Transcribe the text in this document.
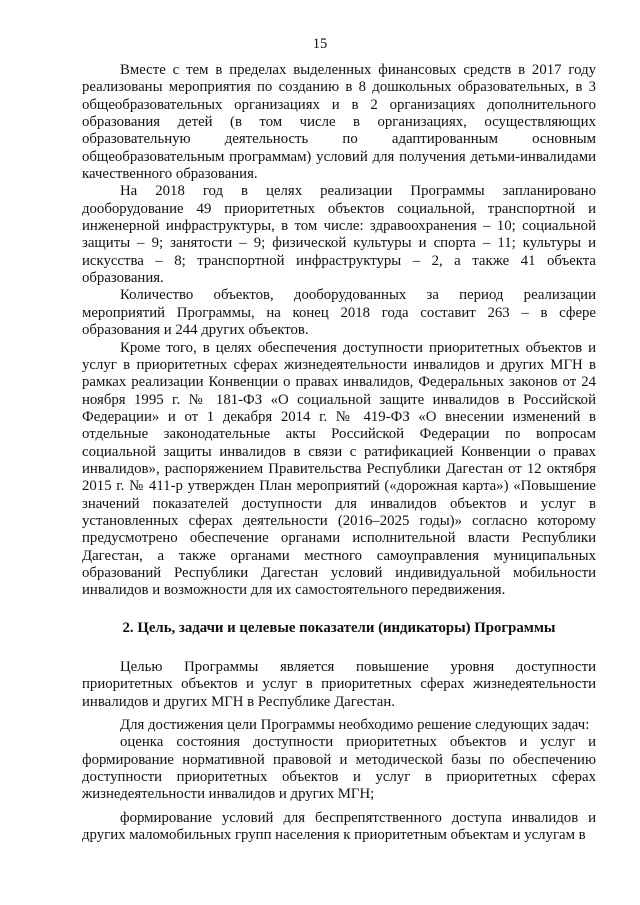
15

Вместе с тем в пределах выделенных финансовых средств в 2017 году реализованы мероприятия по созданию в 8 дошкольных образовательных, в 3 общеобразовательных организациях и в 2 организациях дополнительного образования детей (в том числе в организациях, осуществляющих образовательную деятельность по адаптированным основным общеобразовательным программам) условий для получения детьми-инвалидами качественного образования.

На 2018 год в целях реализации Программы запланировано дооборудование 49 приоритетных объектов социальной, транспортной и инженерной инфраструктуры, в том числе: здравоохранения – 10; социальной защиты – 9; занятости – 9; физической культуры и спорта – 11; культуры и искусства – 8; транспортной инфраструктуры – 2, а также 41 объекта образования.

Количество объектов, дооборудованных за период реализации мероприятий Программы, на конец 2018 года составит 263 – в сфере образования и 244 других объектов.

Кроме того, в целях обеспечения доступности приоритетных объектов и услуг в приоритетных сферах жизнедеятельности инвалидов и других МГН в рамках реализации Конвенции о правах инвалидов, Федеральных законов от 24 ноября 1995 г. № 181-ФЗ «О социальной защите инвалидов в Российской Федерации» и от 1 декабря 2014 г. № 419-ФЗ «О внесении изменений в отдельные законодательные акты Российской Федерации по вопросам социальной защиты инвалидов в связи с ратификацией Конвенции о правах инвалидов», распоряжением Правительства Республики Дагестан от 12 октября 2015 г. № 411-р утвержден План мероприятий («дорожная карта») «Повышение значений показателей доступности для инвалидов объектов и услуг в установленных сферах деятельности (2016–2025 годы)» согласно которому предусмотрено обеспечение органами исполнительной власти Республики Дагестан, а также органами местного самоуправления муниципальных образований Республики Дагестан условий индивидуальной мобильности инвалидов и возможности для их самостоятельного передвижения.

2. Цель, задачи и целевые показатели (индикаторы) Программы

Целью Программы является повышение уровня доступности приоритетных объектов и услуг в приоритетных сферах жизнедеятельности инвалидов и других МГН в Республике Дагестан.

Для достижения цели Программы необходимо решение следующих задач:

оценка состояния доступности приоритетных объектов и услуг и формирование нормативной правовой и методической базы по обеспечению доступности приоритетных объектов и услуг в приоритетных сферах жизнедеятельности инвалидов и других МГН;

формирование условий для беспрепятственного доступа инвалидов и других маломобильных групп населения к приоритетным объектам и услугам в
